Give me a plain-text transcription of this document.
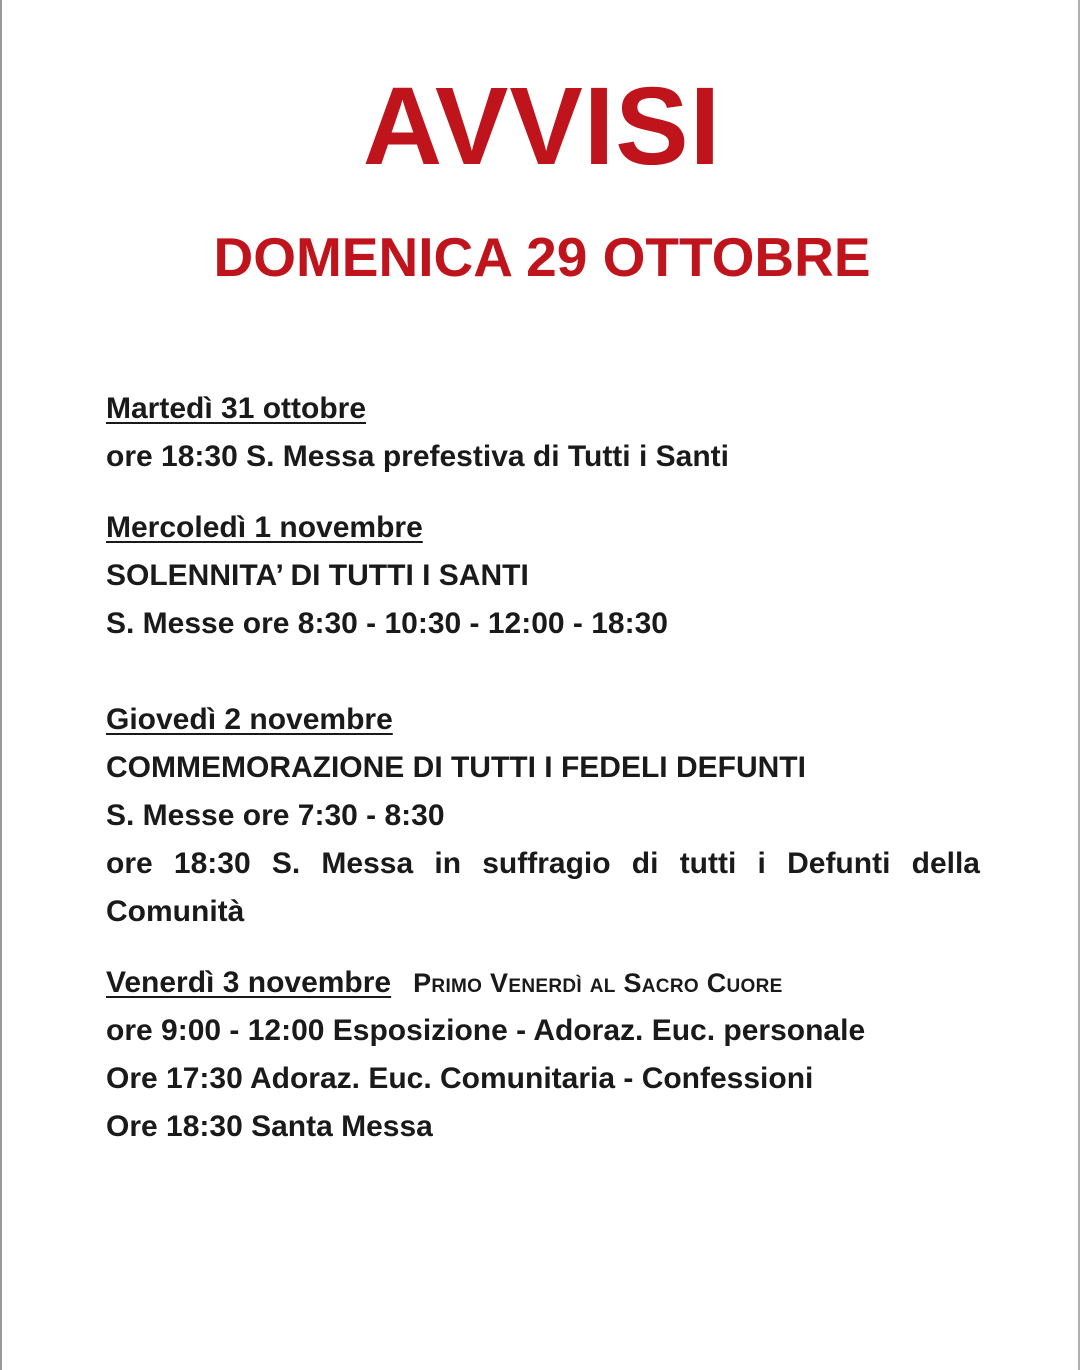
AVVISI
DOMENICA 29 OTTOBRE
Martedì 31 ottobre
ore 18:30 S. Messa prefestiva di Tutti i Santi
Mercoledì 1 novembre
SOLENNITA’ DI TUTTI I SANTI
S. Messe ore 8:30 - 10:30 - 12:00 - 18:30
Giovedì 2 novembre
COMMEMORAZIONE DI TUTTI I FEDELI DEFUNTI
S. Messe ore 7:30 - 8:30
ore 18:30 S. Messa in suffragio di tutti i Defunti della Comunità
Venerdì 3 novembre Primo Venerdì al Sacro Cuore
ore 9:00 - 12:00 Esposizione - Adoraz. Euc. personale
Ore 17:30 Adoraz. Euc. Comunitaria - Confessioni
Ore 18:30 Santa Messa
